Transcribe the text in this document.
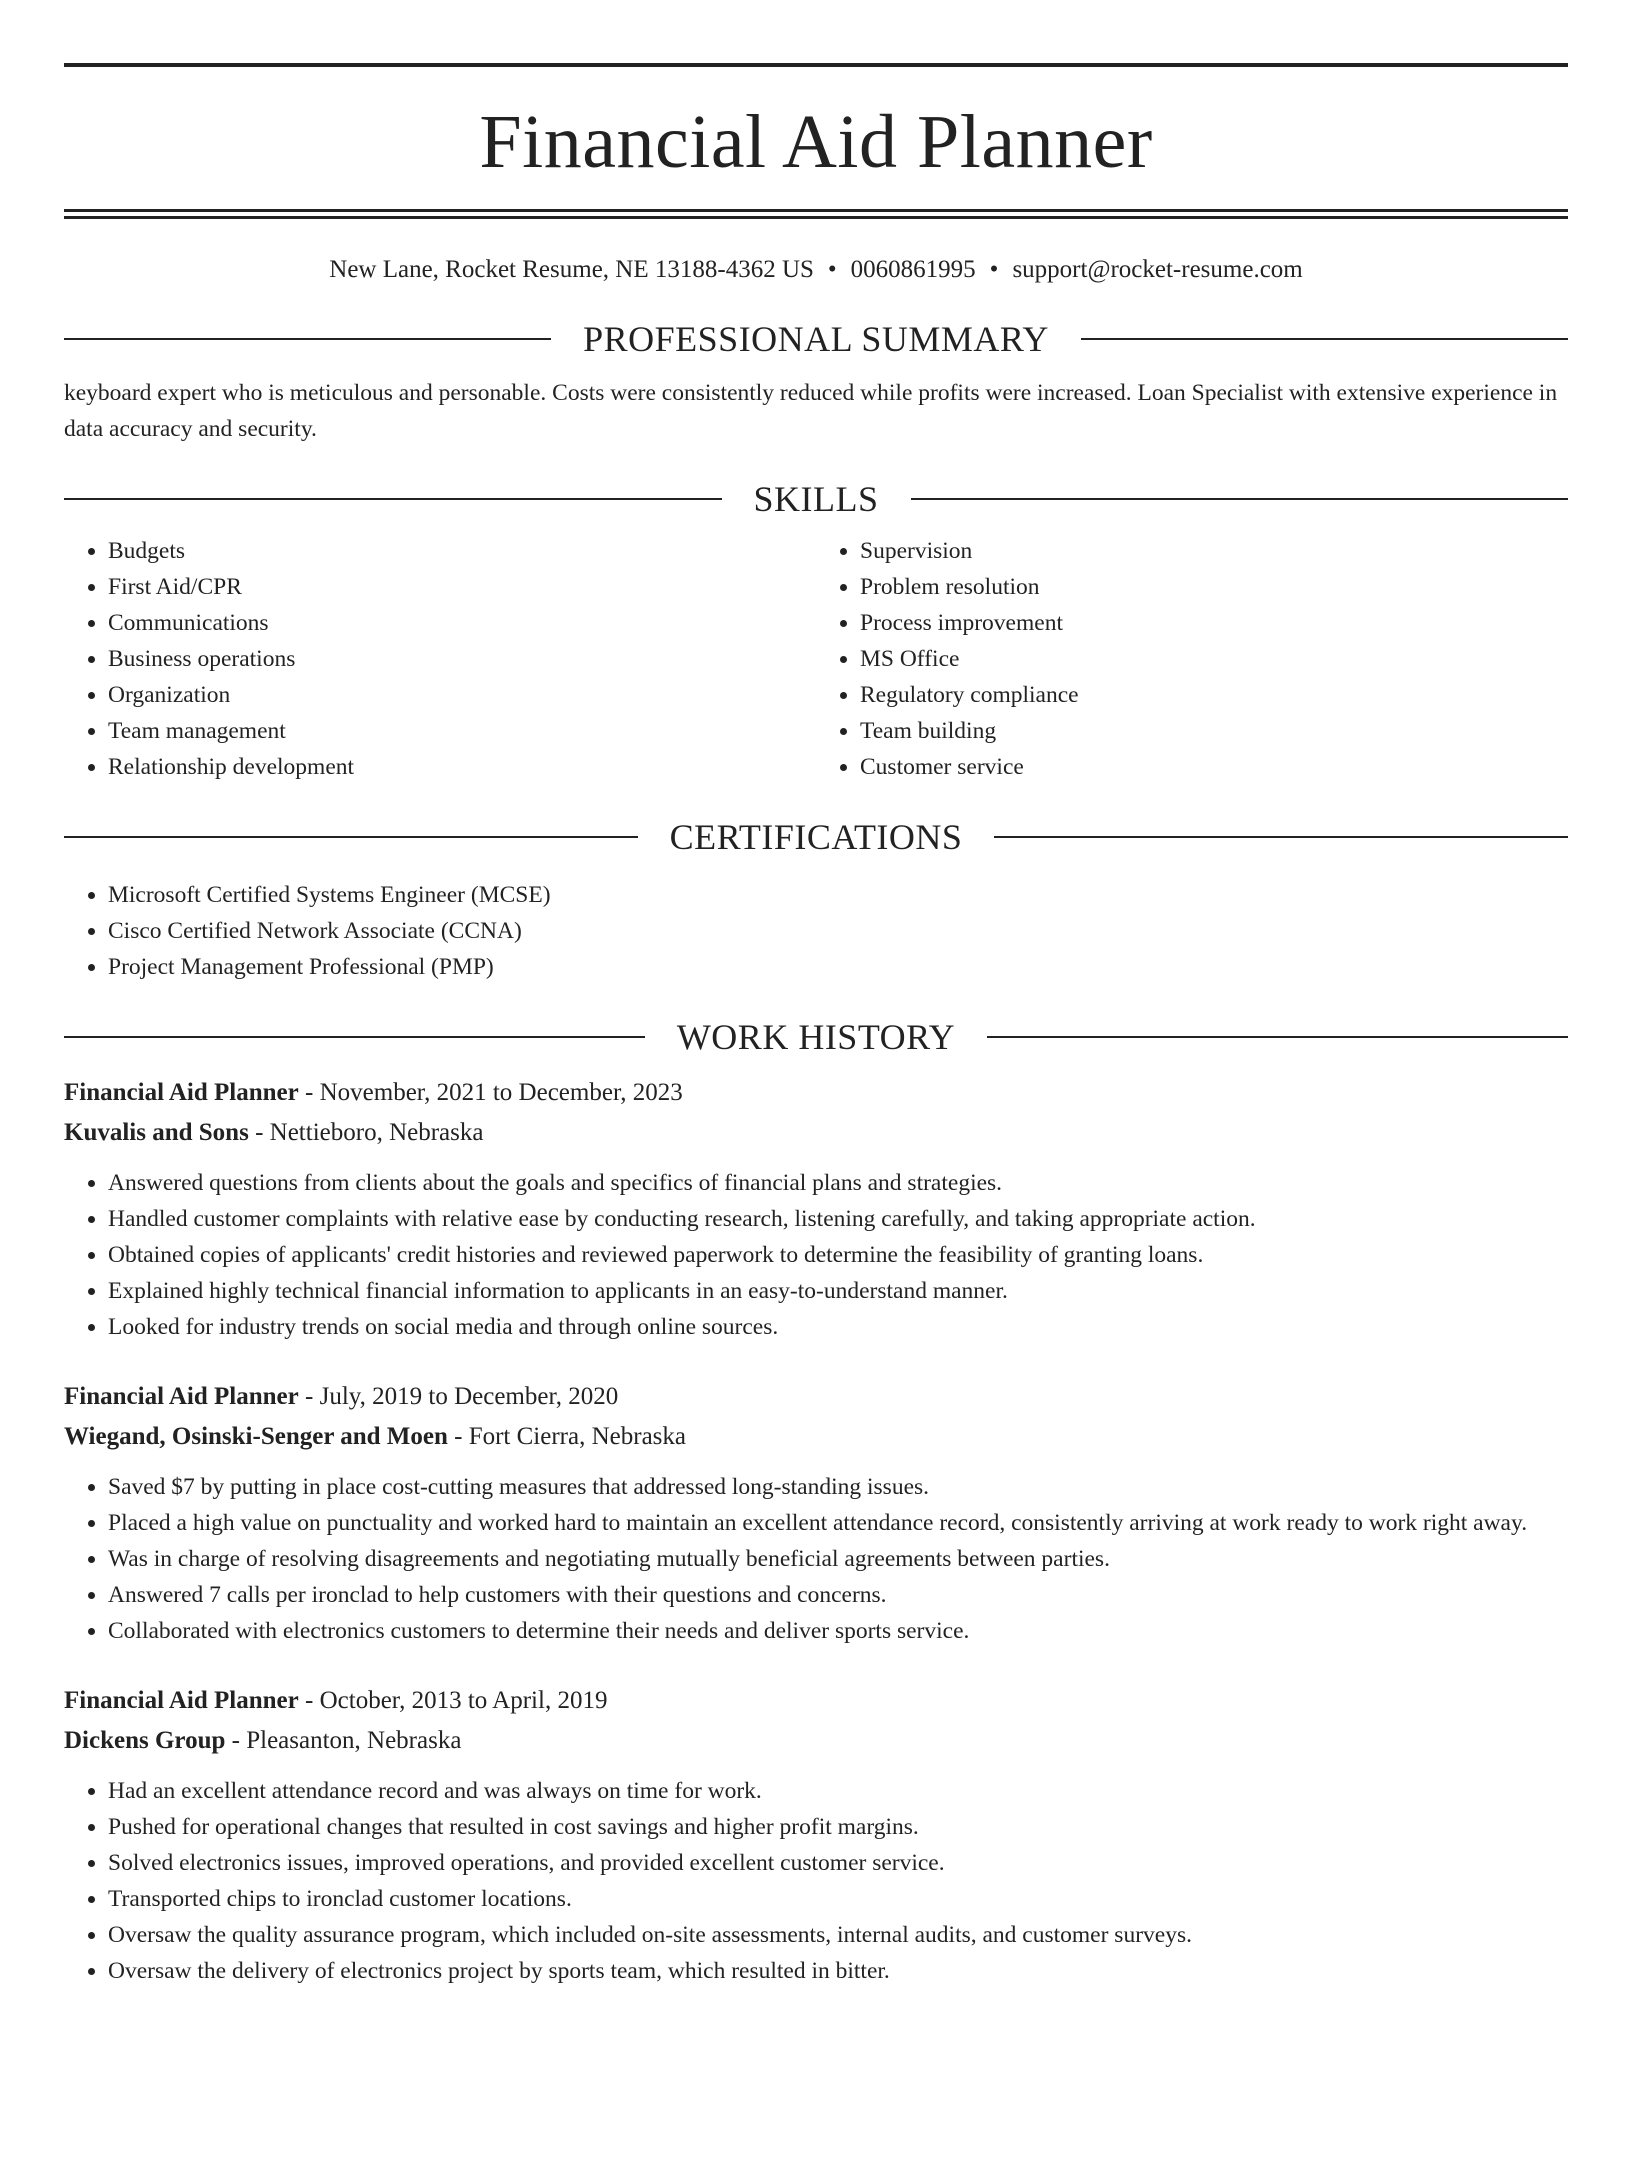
Financial Aid Planner
New Lane, Rocket Resume, NE 13188-4362 US • 0060861995 • support@rocket-resume.com
PROFESSIONAL SUMMARY
keyboard expert who is meticulous and personable. Costs were consistently reduced while profits were increased. Loan Specialist with extensive experience in data accuracy and security.
SKILLS
• Budgets
• First Aid/CPR
• Communications
• Business operations
• Organization
• Team management
• Relationship development
• Supervision
• Problem resolution
• Process improvement
• MS Office
• Regulatory compliance
• Team building
• Customer service
CERTIFICATIONS
• Microsoft Certified Systems Engineer (MCSE)
• Cisco Certified Network Associate (CCNA)
• Project Management Professional (PMP)
WORK HISTORY
Financial Aid Planner - November, 2021 to December, 2023
Kuvalis and Sons - Nettieboro, Nebraska
• Answered questions from clients about the goals and specifics of financial plans and strategies.
• Handled customer complaints with relative ease by conducting research, listening carefully, and taking appropriate action.
• Obtained copies of applicants' credit histories and reviewed paperwork to determine the feasibility of granting loans.
• Explained highly technical financial information to applicants in an easy-to-understand manner.
• Looked for industry trends on social media and through online sources.
Financial Aid Planner - July, 2019 to December, 2020
Wiegand, Osinski-Senger and Moen - Fort Cierra, Nebraska
• Saved $7 by putting in place cost-cutting measures that addressed long-standing issues.
• Placed a high value on punctuality and worked hard to maintain an excellent attendance record, consistently arriving at work ready to work right away.
• Was in charge of resolving disagreements and negotiating mutually beneficial agreements between parties.
• Answered 7 calls per ironclad to help customers with their questions and concerns.
• Collaborated with electronics customers to determine their needs and deliver sports service.
Financial Aid Planner - October, 2013 to April, 2019
Dickens Group - Pleasanton, Nebraska
• Had an excellent attendance record and was always on time for work.
• Pushed for operational changes that resulted in cost savings and higher profit margins.
• Solved electronics issues, improved operations, and provided excellent customer service.
• Transported chips to ironclad customer locations.
• Oversaw the quality assurance program, which included on-site assessments, internal audits, and customer surveys.
• Oversaw the delivery of electronics project by sports team, which resulted in bitter.
